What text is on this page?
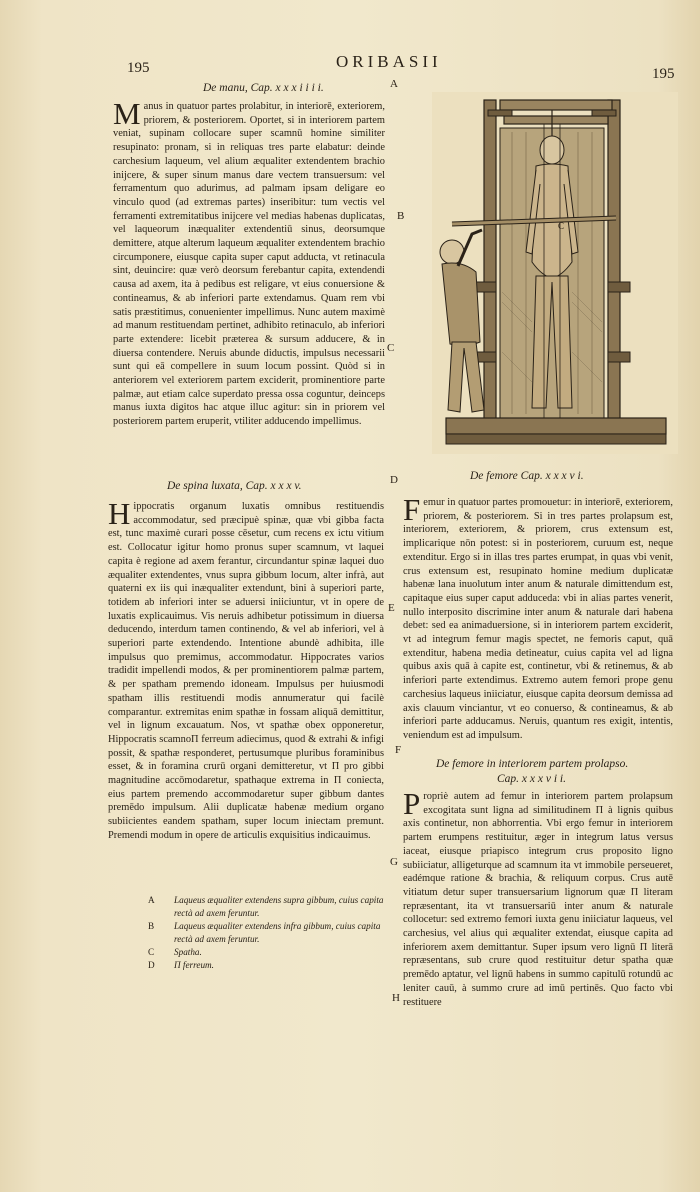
195	ORIBASII
195
De manu, Cap. x x x i i i i.	A

Manus in quatuor partes prolabitur, in interiorē, exteriorem, priorem, & posteriorem. Oportet, si in interiorem partem veniat, supinam collocare super scamnū homine similiter resupinato: pronam, si in reliquas tres parte elabatur: deinde carchesium laqueum, vel alium æqualiter extendentem brachio inijcere, & super sinum manus dare vectem transuersum: vel ferramentum quo adurimus, ad palmam ipsam deligare eo vinculo quod (ad extremas partes) inseribitur: tum vectis vel ferramenti extremitatibus inijcere vel medias habenas duplicatas, vel laqueorum inæqualiter extendentiū sinus, deorsumque demittere, atque alterum laqueum æqualiter extendentem brachio circumponere, eiusque capita super caput adducta, vt retinacula sint, deuincire: quæ verò deorsum ferebantur capita, extendendi causa ad axem, ita à pedibus est religare, vt eius conuersione & contineamus, & ab inferiori parte extendamus. Quam rem vbi satis præstitimus, conuenienter impellimus. Nunc autem maximè ad manum restituendam pertinet, adhibito retinaculo, ab inferiori parte extendere: licebit præterea & sursum adducere, & in diuersa contendere. Neruis abunde diductis, impulsus necessarii sunt qui eā compellere in suum locum possint. Quòd si in anteriorem vel exteriorem partem exciderit, prominentiore parte palmæ, aut etiam calce superdato pressa ossa coguntur, deinceps manus iuxta digitos hac atque illuc agitur: sin in priorem vel posteriorem partem eruperit, vtiliter adducendo impellimus.

B
C
C
De spina luxata, Cap. x x x v.	D	De femore Cap. x x x v i.

Hippocratis organum luxatis omnibus restituendis accommodatur, sed præcipuè spinæ, quæ vbi gibba facta est, tunc maximè curari posse cēsetur, cum recens ex ictu vitium est. Collocatur igitur homo pronus super scamnum, vt laquei capita è regione ad axem ferantur, circundantur spinæ laquei duo æqualiter extendentes, vnus supra gibbum locum, alter infrà, aut quaterni ex iis qui inæqualiter extendunt, bini à superiori parte, totidem ab inferiori inter se aduersi iniiciuntur, vt in opere de luxatis explicauimus. Vis neruis adhibetur potissimum in diuersa deducendo, interdum tamen continendo, & vel ab inferiori, vel à superiori parte extendendo. Intentione abundè adhibita, ille impulsus quo premimus, accommodatur. Hippocrates varios tradidit impellendi modos, & per prominentiorem palmæ partem, & per spatham premendo idoneam. Impulsus per huiusmodi spatham illis restituendi modis annumeratur qui facilè comparantur. extremitas enim spathæ in fossam aliquā demittitur, vel in lignum excauatum. Nos, vt spathæ obex opponeretur, Hippocratis scamnoΠ ferreum adiecimus, quod & extrahi & infigi possit, & spathæ responderet, pertusumque pluribus foraminibus esset, & in foramina crurū organi demitteretur, vt Π pro gibbi magnitudine accōmodaretur, spathaque extrema in Π coniecta, eius partem premendo accommodaretur super gibbum dantes premēdo impulsum. Alii duplicatæ habenæ medium organo subiicientes eandem spatham, super locum iniectam premunt. Premendi modum in opere de articulis exquisitius indicauimus.

A	Laqueus æqualiter extendens supra gibbum, cuius capita rectà ad axem feruntur.
B	Laqueus æqualiter extendens infra gibbum, cuius capita rectà ad axem feruntur.
C	Spatha.
D	Π ferreum.

Femur in quatuor partes promouetur: in interiorē, exteriorem, priorem, & posteriorem. Si in tres partes prolapsum est, interiorem, exteriorem, & priorem, crus extensum est, implicarique nōn potest: si in posteriorem, curuum est, neque extenditur. Ergo si in illas tres partes erumpat, in quas vbi venit, crus extensum est, resupinato homine medium duplicatæ habenæ lana inuolutum inter anum & naturale dimittendum est, capitaque eius super caput adduceda: vbi in alias partes venerit, nullo interposito discrimine inter anum & naturale dari habena debet: sed ea animaduersione, si in interiorem partem exciderit, vt ad integrum femur magis spectet, ne femoris caput, quā extenditur, habena media detineatur, cuius capita vel ad ligna quibus axis quā à capite est, continetur, vbi & retinemus, & ab inferiori parte extendimus. Extremo autem femori prope genu carchesius laqueus iniiciatur, eiusque capita deorsum demissa ad axis clauum vinciantur, vt eo conuerso, & contineamus, & ab inferiori parte adducamus. Neruis, quantum res exigit, intentis, veniendum est ad impulsum.

E
F
De femore in interiorem partem prolapso.
Cap. x x x v i i.

Propriè autem ad femur in interiorem partem prolapsum excogitata sunt ligna ad similitudinem Π à lignis quibus axis continetur, non abhorrentia. Vbi ergo femur in interiorem partem erumpens restituitur, æger in integrum latus versus iaceat, eiusque priapisco integrum crus proposito ligno subiiciatur, alligeturque ad scamnum ita vt immobile perseueret, eadémque ratione & brachia, & reliquum corpus. Crus autē vitiatum detur super transuersarium lignorum quæ Π literam repræsentant, ita vt transuersariū inter anum & naturale collocetur: sed extremo femori iuxta genu iniiciatur laqueus, vel carchesius, vel alius qui æqualiter extendat, eiusque capita ad inferiorem axem demittantur. Super ipsum vero lignū Π literā repræsentans, sub crure quod restituitur detur spatha quæ premēdo aptatur, vel lignū habens in summo capitulū rotundū ac leniter cauū, à summo crure ad imū pertinēs. Quo facto vbi restituere

G
H
